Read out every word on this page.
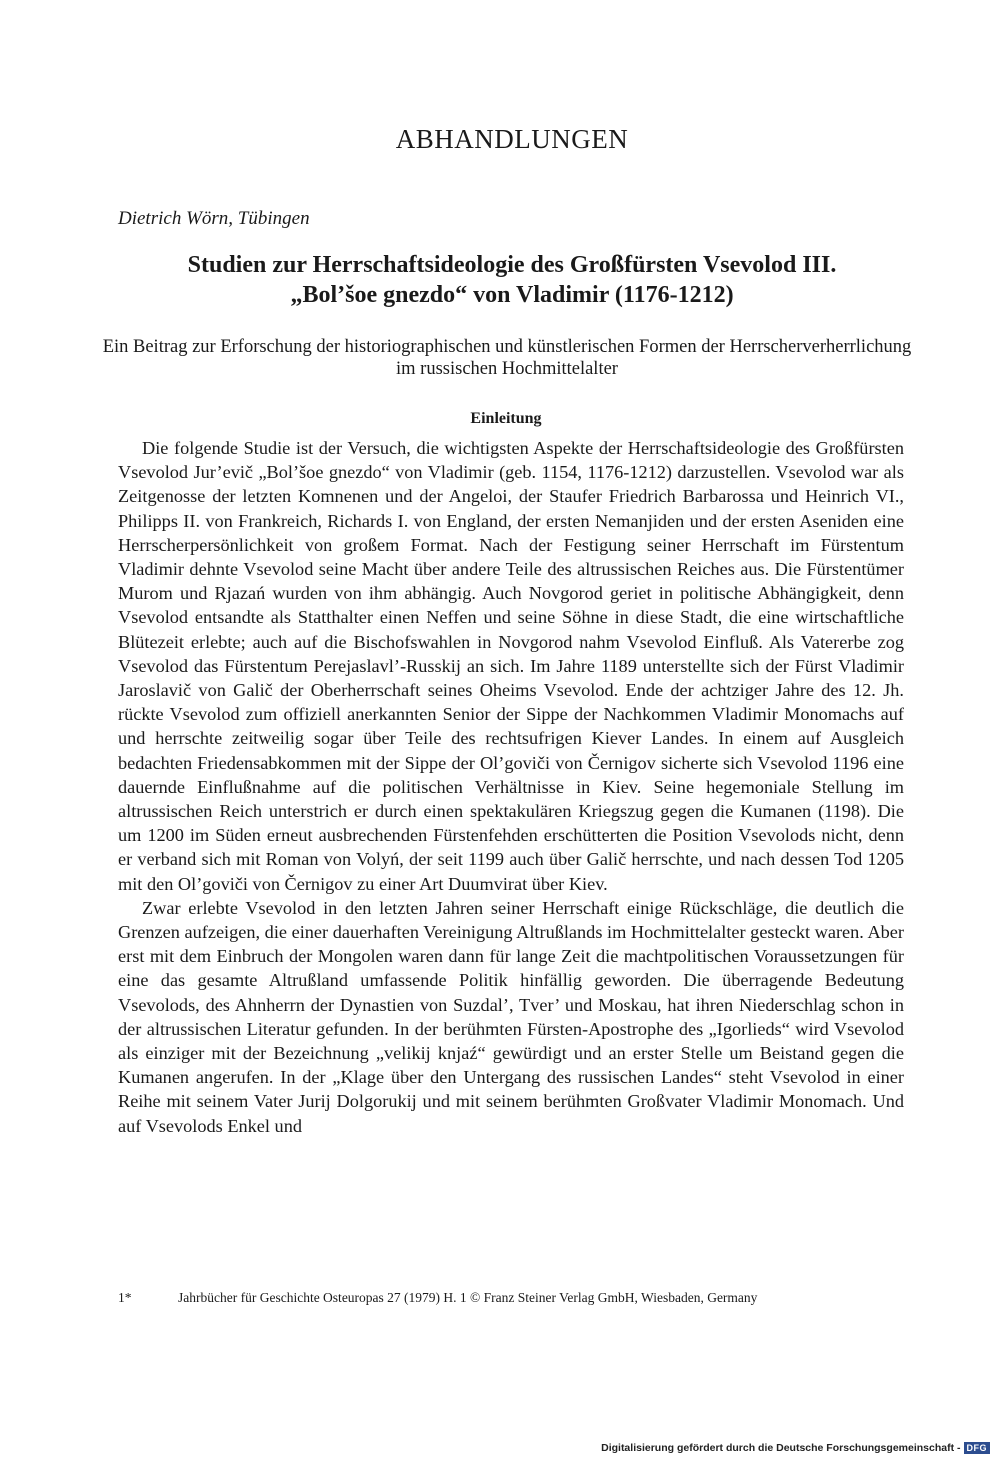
ABHANDLUNGEN
Dietrich Wörn, Tübingen
Studien zur Herrschaftsideologie des Großfürsten Vsevolod III.
„Bol’šoe gnezdo“ von Vladimir (1176-1212)
Ein Beitrag zur Erforschung der historiographischen und künstlerischen Formen der Herrscherverherrlichung im russischen Hochmittelalter
Einleitung

Die folgende Studie ist der Versuch, die wichtigsten Aspekte der Herrschaftsideologie des Großfürsten Vsevolod Jur’evič „Bol’šoe gnezdo“ von Vladimir (geb. 1154, 1176-1212) darzustellen. Vsevolod war als Zeitgenosse der letzten Komnenen und der Angeloi, der Staufer Friedrich Barbarossa und Heinrich VI., Philipps II. von Frankreich, Richards I. von England, der ersten Nemanjiden und der ersten Aseniden eine Herrscherpersönlichkeit von großem Format. Nach der Festigung seiner Herrschaft im Fürstentum Vladimir dehnte Vsevolod seine Macht über andere Teile des altrussischen Reiches aus. Die Fürstentümer Murom und Rjazań wurden von ihm abhängig. Auch Novgorod geriet in politische Abhängigkeit, denn Vsevolod entsandte als Statthalter einen Neffen und seine Söhne in diese Stadt, die eine wirtschaftliche Blütezeit erlebte; auch auf die Bischofswahlen in Novgorod nahm Vsevolod Einfluß. Als Vatererbe zog Vsevolod das Fürstentum Perejaslavl’-Russkij an sich. Im Jahre 1189 unterstellte sich der Fürst Vladimir Jaroslavič von Galič der Oberherrschaft seines Oheims Vsevolod. Ende der achtziger Jahre des 12. Jh. rückte Vsevolod zum offiziell anerkannten Senior der Sippe der Nachkommen Vladimir Monomachs auf und herrschte zeitweilig sogar über Teile des rechtsufrigen Kiever Landes. In einem auf Ausgleich bedachten Friedensabkommen mit der Sippe der Ol’goviči von Černigov sicherte sich Vsevolod 1196 eine dauernde Einflußnahme auf die politischen Verhältnisse in Kiev. Seine hegemoniale Stellung im altrussischen Reich unterstrich er durch einen spektakulären Kriegszug gegen die Kumanen (1198). Die um 1200 im Süden erneut ausbrechenden Fürstenfehden erschütterten die Position Vsevolods nicht, denn er verband sich mit Roman von Volyń, der seit 1199 auch über Galič herrschte, und nach dessen Tod 1205 mit den Ol’goviči von Černigov zu einer Art Duumvirat über Kiev.

Zwar erlebte Vsevolod in den letzten Jahren seiner Herrschaft einige Rückschläge, die deutlich die Grenzen aufzeigen, die einer dauerhaften Vereinigung Altrußlands im Hochmittelalter gesteckt waren. Aber erst mit dem Einbruch der Mongolen waren dann für lange Zeit die machtpolitischen Voraussetzungen für eine das gesamte Altrußland umfassende Politik hinfällig geworden. Die überragende Bedeutung Vsevolods, des Ahnherrn der Dynastien von Suzdal’, Tver’ und Moskau, hat ihren Niederschlag schon in der altrussischen Literatur gefunden. In der berühmten Fürsten-Apostrophe des „Igorlieds“ wird Vsevolod als einziger mit der Bezeichnung „velikij knjaź“ gewürdigt und an erster Stelle um Beistand gegen die Kumanen angerufen. In der „Klage über den Untergang des russischen Landes“ steht Vsevolod in einer Reihe mit seinem Vater Jurij Dolgorukij und mit seinem berühmten Großvater Vladimir Monomach. Und auf Vsevolods Enkel und

1*	Jahrbücher für Geschichte Osteuropas 27 (1979) H. 1 © Franz Steiner Verlag GmbH, Wiesbaden, Germany
Digitalisierung gefördert durch die Deutsche Forschungsgemeinschaft - DFG
